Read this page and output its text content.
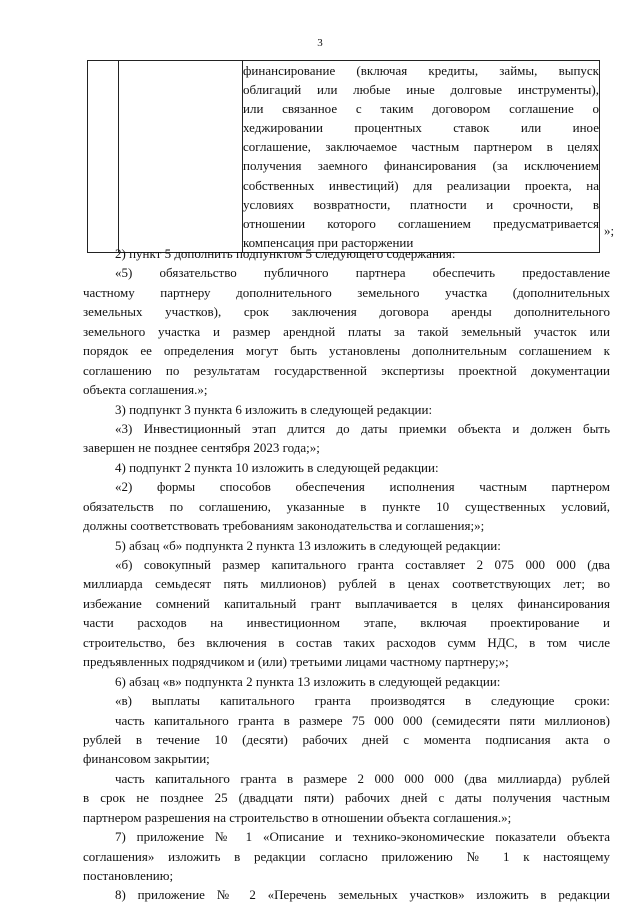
3

финансирование (включая кредиты, займы, выпуск
облигаций или любые иные долговые инструменты),
или связанное с таким договором соглашение о
хеджировании процентных ставок или иное
соглашение, заключаемое частным партнером в целях
получения заемного финансирования (за исключением
собственных инвестиций) для реализации проекта, на
условиях возвратности, платности и срочности, в
отношении которого соглашением предусматривается
компенсация при расторжении
»;
2) пункт 5 дополнить подпунктом 5 следующего содержания:
«5) обязательство публичного партнера обеспечить предоставление
частному партнеру дополнительного земельного участка (дополнительных
земельных участков), срок заключения договора аренды дополнительного
земельного участка и размер арендной платы за такой земельный участок или
порядок ее определения могут быть установлены дополнительным соглашением к
соглашению по результатам государственной экспертизы проектной документации
объекта соглашения.»;
3) подпункт 3 пункта 6 изложить в следующей редакции:
«3) Инвестиционный этап длится до даты приемки объекта и должен быть
завершен не позднее сентября 2023 года;»;
4) подпункт 2 пункта 10 изложить в следующей редакции:
«2) формы способов обеспечения исполнения частным партнером
обязательств по соглашению, указанные в пункте 10 существенных условий,
должны соответствовать требованиям законодательства и соглашения;»;
5) абзац «б» подпункта 2 пункта 13 изложить в следующей редакции:
«б) совокупный размер капитального гранта составляет 2 075 000 000 (два
миллиарда семьдесят пять миллионов) рублей в ценах соответствующих лет; во
избежание сомнений капитальный грант выплачивается в целях финансирования
части расходов на инвестиционном этапе, включая проектирование и
строительство, без включения в состав таких расходов сумм НДС, в том числе
предъявленных подрядчиком и (или) третьими лицами частному партнеру;»;
6) абзац «в» подпункта 2 пункта 13 изложить в следующей редакции:
«в) выплаты капитального гранта производятся в следующие сроки:
часть капитального гранта в размере 75 000 000 (семидесяти пяти миллионов)
рублей в течение 10 (десяти) рабочих дней с момента подписания акта о
финансовом закрытии;
часть капитального гранта в размере 2 000 000 000 (два миллиарда) рублей
в срок не позднее 25 (двадцати пяти) рабочих дней с даты получения частным
партнером разрешения на строительство в отношении объекта соглашения.»;
7) приложение № 1 «Описание и технико-экономические показатели объекта
соглашения» изложить в редакции согласно приложению № 1 к настоящему
постановлению;
8) приложение № 2 «Перечень земельных участков» изложить в редакции
